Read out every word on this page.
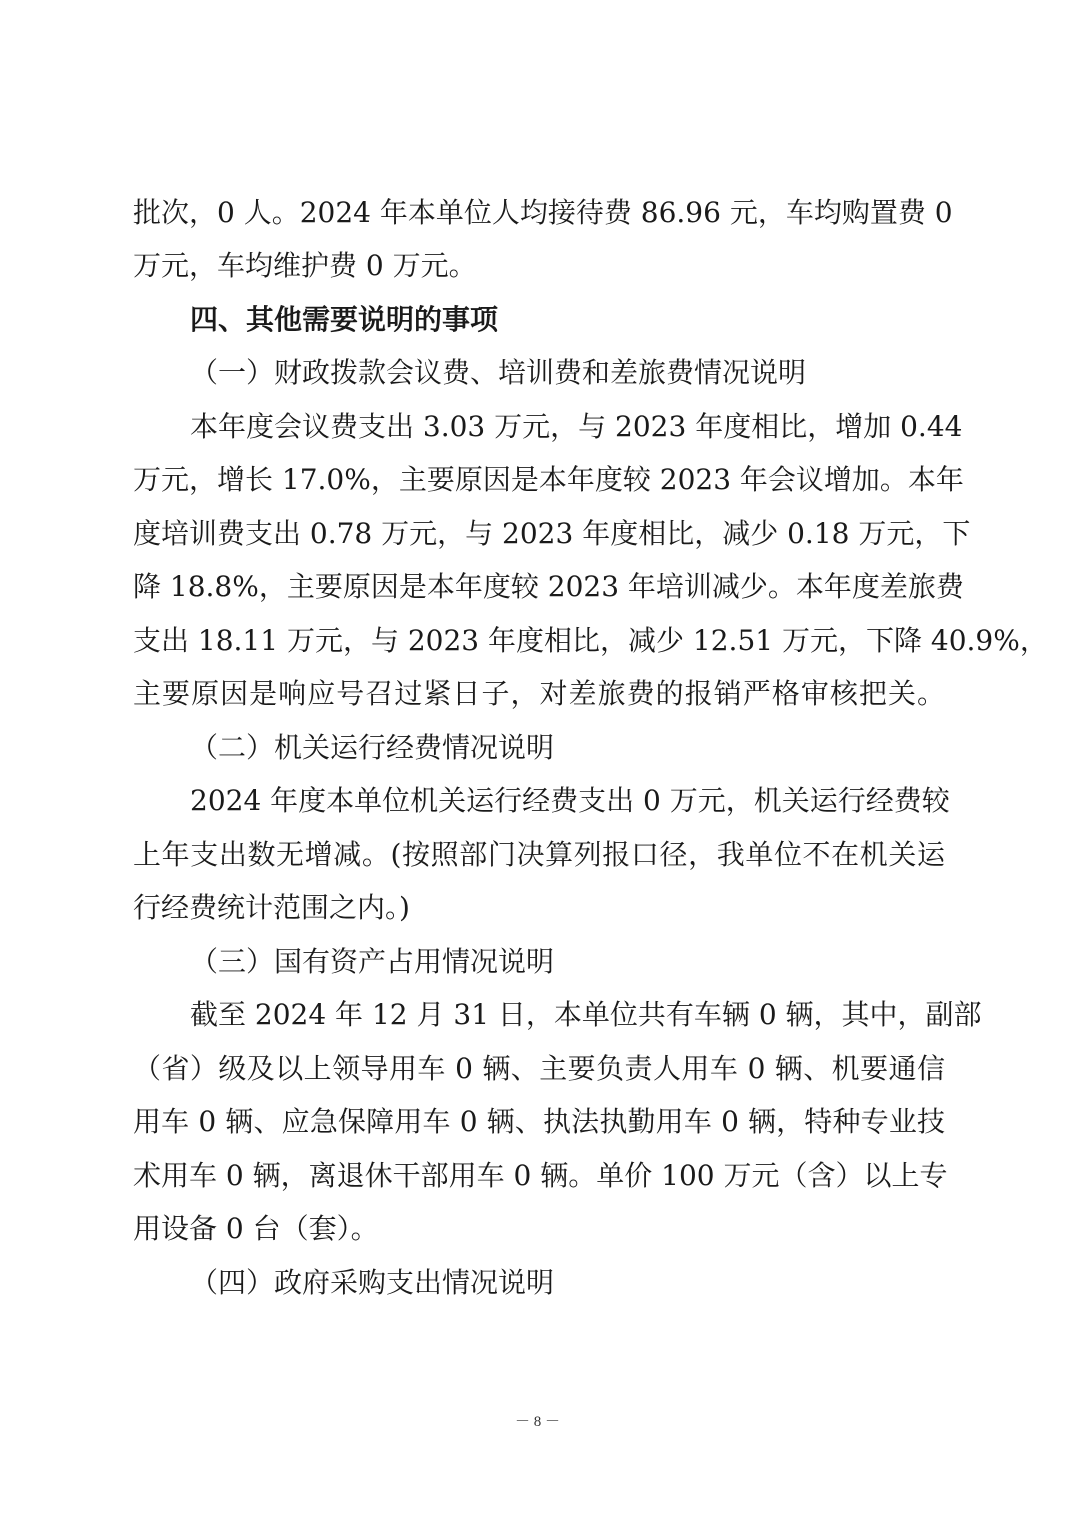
批次，0 人。2024 年本单位人均接待费 86.96 元，车均购置费 0
万元，车均维护费 0 万元。
四、其他需要说明的事项
（一）财政拨款会议费、培训费和差旅费情况说明
本年度会议费支出 3.03 万元，与 2023 年度相比，增加 0.44
万元，增长 17.0%，主要原因是本年度较 2023 年会议增加。本年
度培训费支出 0.78 万元，与 2023 年度相比，减少 0.18 万元，下
降 18.8%，主要原因是本年度较 2023 年培训减少。本年度差旅费
支出 18.11 万元，与 2023 年度相比，减少 12.51 万元，下降 40.9%，
主要原因是响应号召过紧日子，对差旅费的报销严格审核把关。
（二）机关运行经费情况说明
2024 年度本单位机关运行经费支出 0 万元，机关运行经费较
上年支出数无增减。(按照部门决算列报口径，我单位不在机关运
行经费统计范围之内。)
（三）国有资产占用情况说明
截至 2024 年 12 月 31 日，本单位共有车辆 0 辆，其中，副部
（省）级及以上领导用车 0 辆、主要负责人用车 0 辆、机要通信
用车 0 辆、应急保障用车 0 辆、执法执勤用车 0 辆，特种专业技
术用车 0 辆，离退休干部用车 0 辆。单价 100 万元（含）以上专
用设备 0 台（套）。
（四）政府采购支出情况说明
－ 8 －
